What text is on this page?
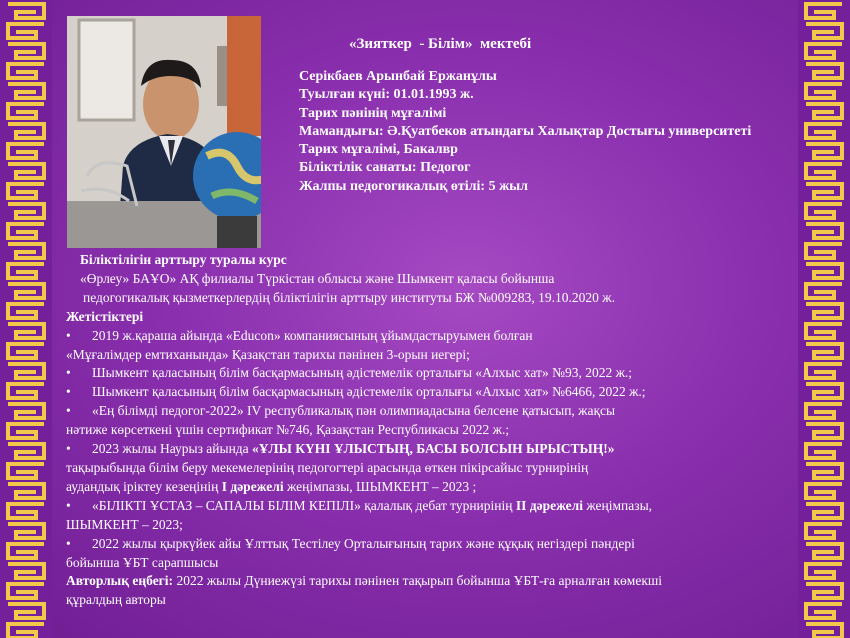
«Зияткер  - Білім»  мектебі
Серікбаев Арынбай Ержанұлы
Туылған күні: 01.01.1993 ж.
Тарих пәнінің мұғалімі
Мамандығы: Ә.Қуатбеков атындағы Халықтар Достығы университеті
Тарих мұғалімі, Бакалвр
Біліктілік санаты: Педогог
Жалпы педогогикалық өтілі: 5 жыл
Біліктілігін арттыру туралы курс
«Өрлеу» БАҰО» АҚ филиалы Түркістан облысы және Шымкент қаласы бойынша
педогогикалық қызметкерлердің біліктілігін арттыру институты БЖ №009283, 19.10.2020 ж.
Жетістіктері
• 2019 ж.қараша айында «Educon» компаниясының ұйымдастыруымен болған
«Мұғалімдер емтиханында» Қазақстан тарихы пәнінен 3-орын иегері;
• Шымкент қаласының білім басқармасының әдістемелік орталығы «Алхыс хат» №93, 2022 ж.;
• Шымкент қаласының білім басқармасының әдістемелік орталығы «Алхыс хат» №6466, 2022 ж.;
• «Ең білімді педогог-2022» IV республикалық пән олимпиадасына белсене қатысып, жақсы
нәтиже көрсеткені үшін сертификат №746, Қазақстан Республикасы 2022 ж.;
• 2023 жылы Наурыз айында «ҰЛЫ КҮНІ ҰЛЫСТЫҢ, БАСЫ БОЛСЫН ЫРЫСТЫҢ!»
тақырыбында білім беру мекемелерінің педогогтері арасында өткен пікірсайыс турнирінің
аудандық іріктеу кезеңінің І дәрежелі жеңімпазы, ШЫМКЕНТ – 2023 ;
• «БІЛІКТІ ҰСТАЗ – САПАЛЫ БІЛІМ КЕПІЛІ» қалалық дебат турнирінің ІІ дәрежелі жеңімпазы,
ШЫМКЕНТ – 2023;
• 2022 жылы қыркүйек айы Ұлттық Тестілеу Орталығының тарих және құқық негіздері пәндері
бойынша ҰБТ сарапшысы
Авторлық еңбегі: 2022 жылы Дүниежүзі тарихы пәнінен тақырып бойынша ҰБТ-ға арналған көмекші
құралдың авторы
